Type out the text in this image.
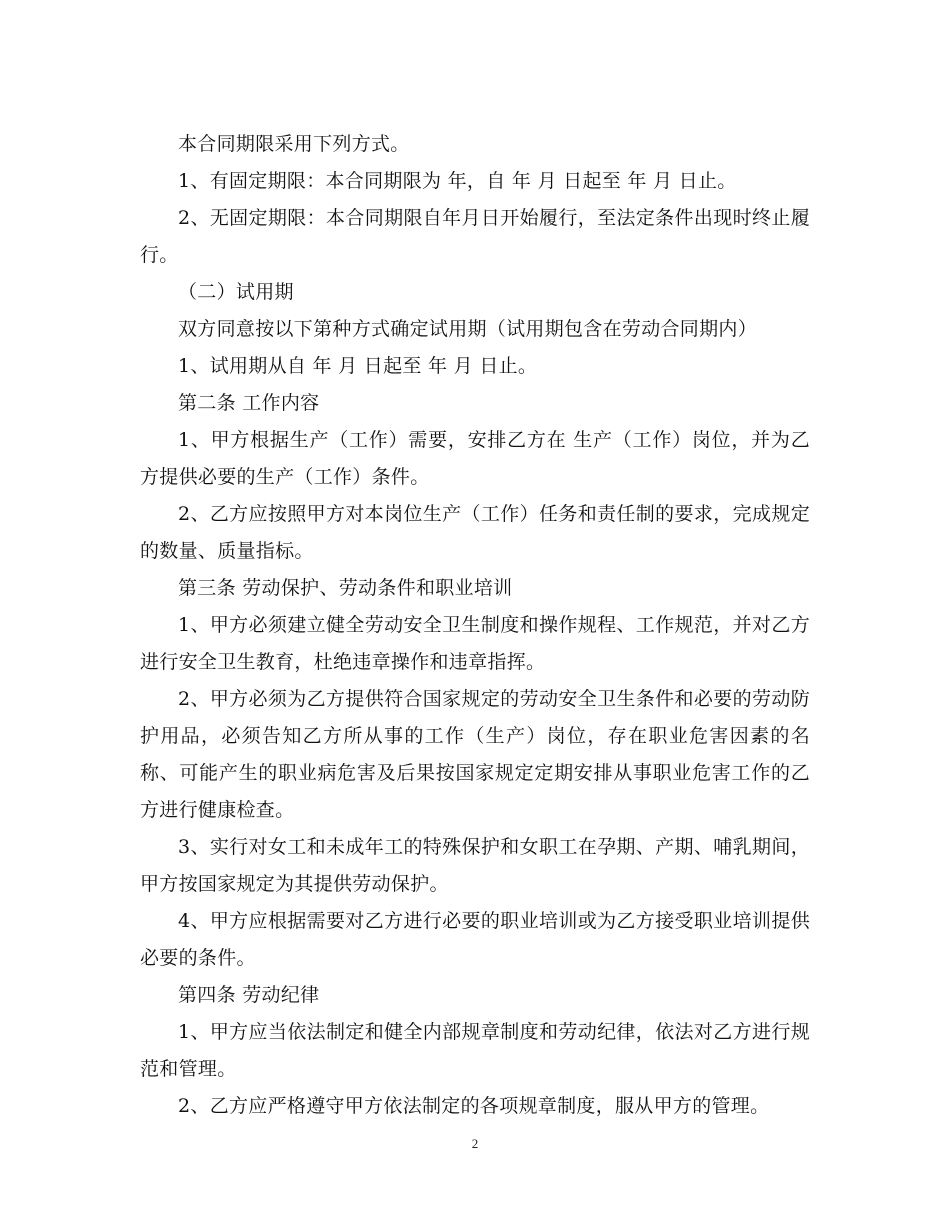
本合同期限采用下列方式。

1、有固定期限：本合同期限为 年，自 年 月 日起至 年 月 日止。

2、无固定期限：本合同期限自年月日开始履行，至法定条件出现时终止履行。

（二）试用期

双方同意按以下第种方式确定试用期（试用期包含在劳动合同期内）

1、试用期从自 年 月 日起至 年 月 日止。

第二条 工作内容

1、甲方根据生产（工作）需要，安排乙方在 生产（工作）岗位，并为乙方提供必要的生产（工作）条件。

2、乙方应按照甲方对本岗位生产（工作）任务和责任制的要求，完成规定的数量、质量指标。

第三条 劳动保护、劳动条件和职业培训

1、甲方必须建立健全劳动安全卫生制度和操作规程、工作规范，并对乙方进行安全卫生教育，杜绝违章操作和违章指挥。

2、甲方必须为乙方提供符合国家规定的劳动安全卫生条件和必要的劳动防护用品，必须告知乙方所从事的工作（生产）岗位，存在职业危害因素的名称、可能产生的职业病危害及后果按国家规定定期安排从事职业危害工作的乙方进行健康检查。

3、实行对女工和未成年工的特殊保护和女职工在孕期、产期、哺乳期间，甲方按国家规定为其提供劳动保护。

4、甲方应根据需要对乙方进行必要的职业培训或为乙方接受职业培训提供必要的条件。

第四条 劳动纪律

1、甲方应当依法制定和健全内部规章制度和劳动纪律，依法对乙方进行规范和管理。

2、乙方应严格遵守甲方依法制定的各项规章制度，服从甲方的管理。

2
